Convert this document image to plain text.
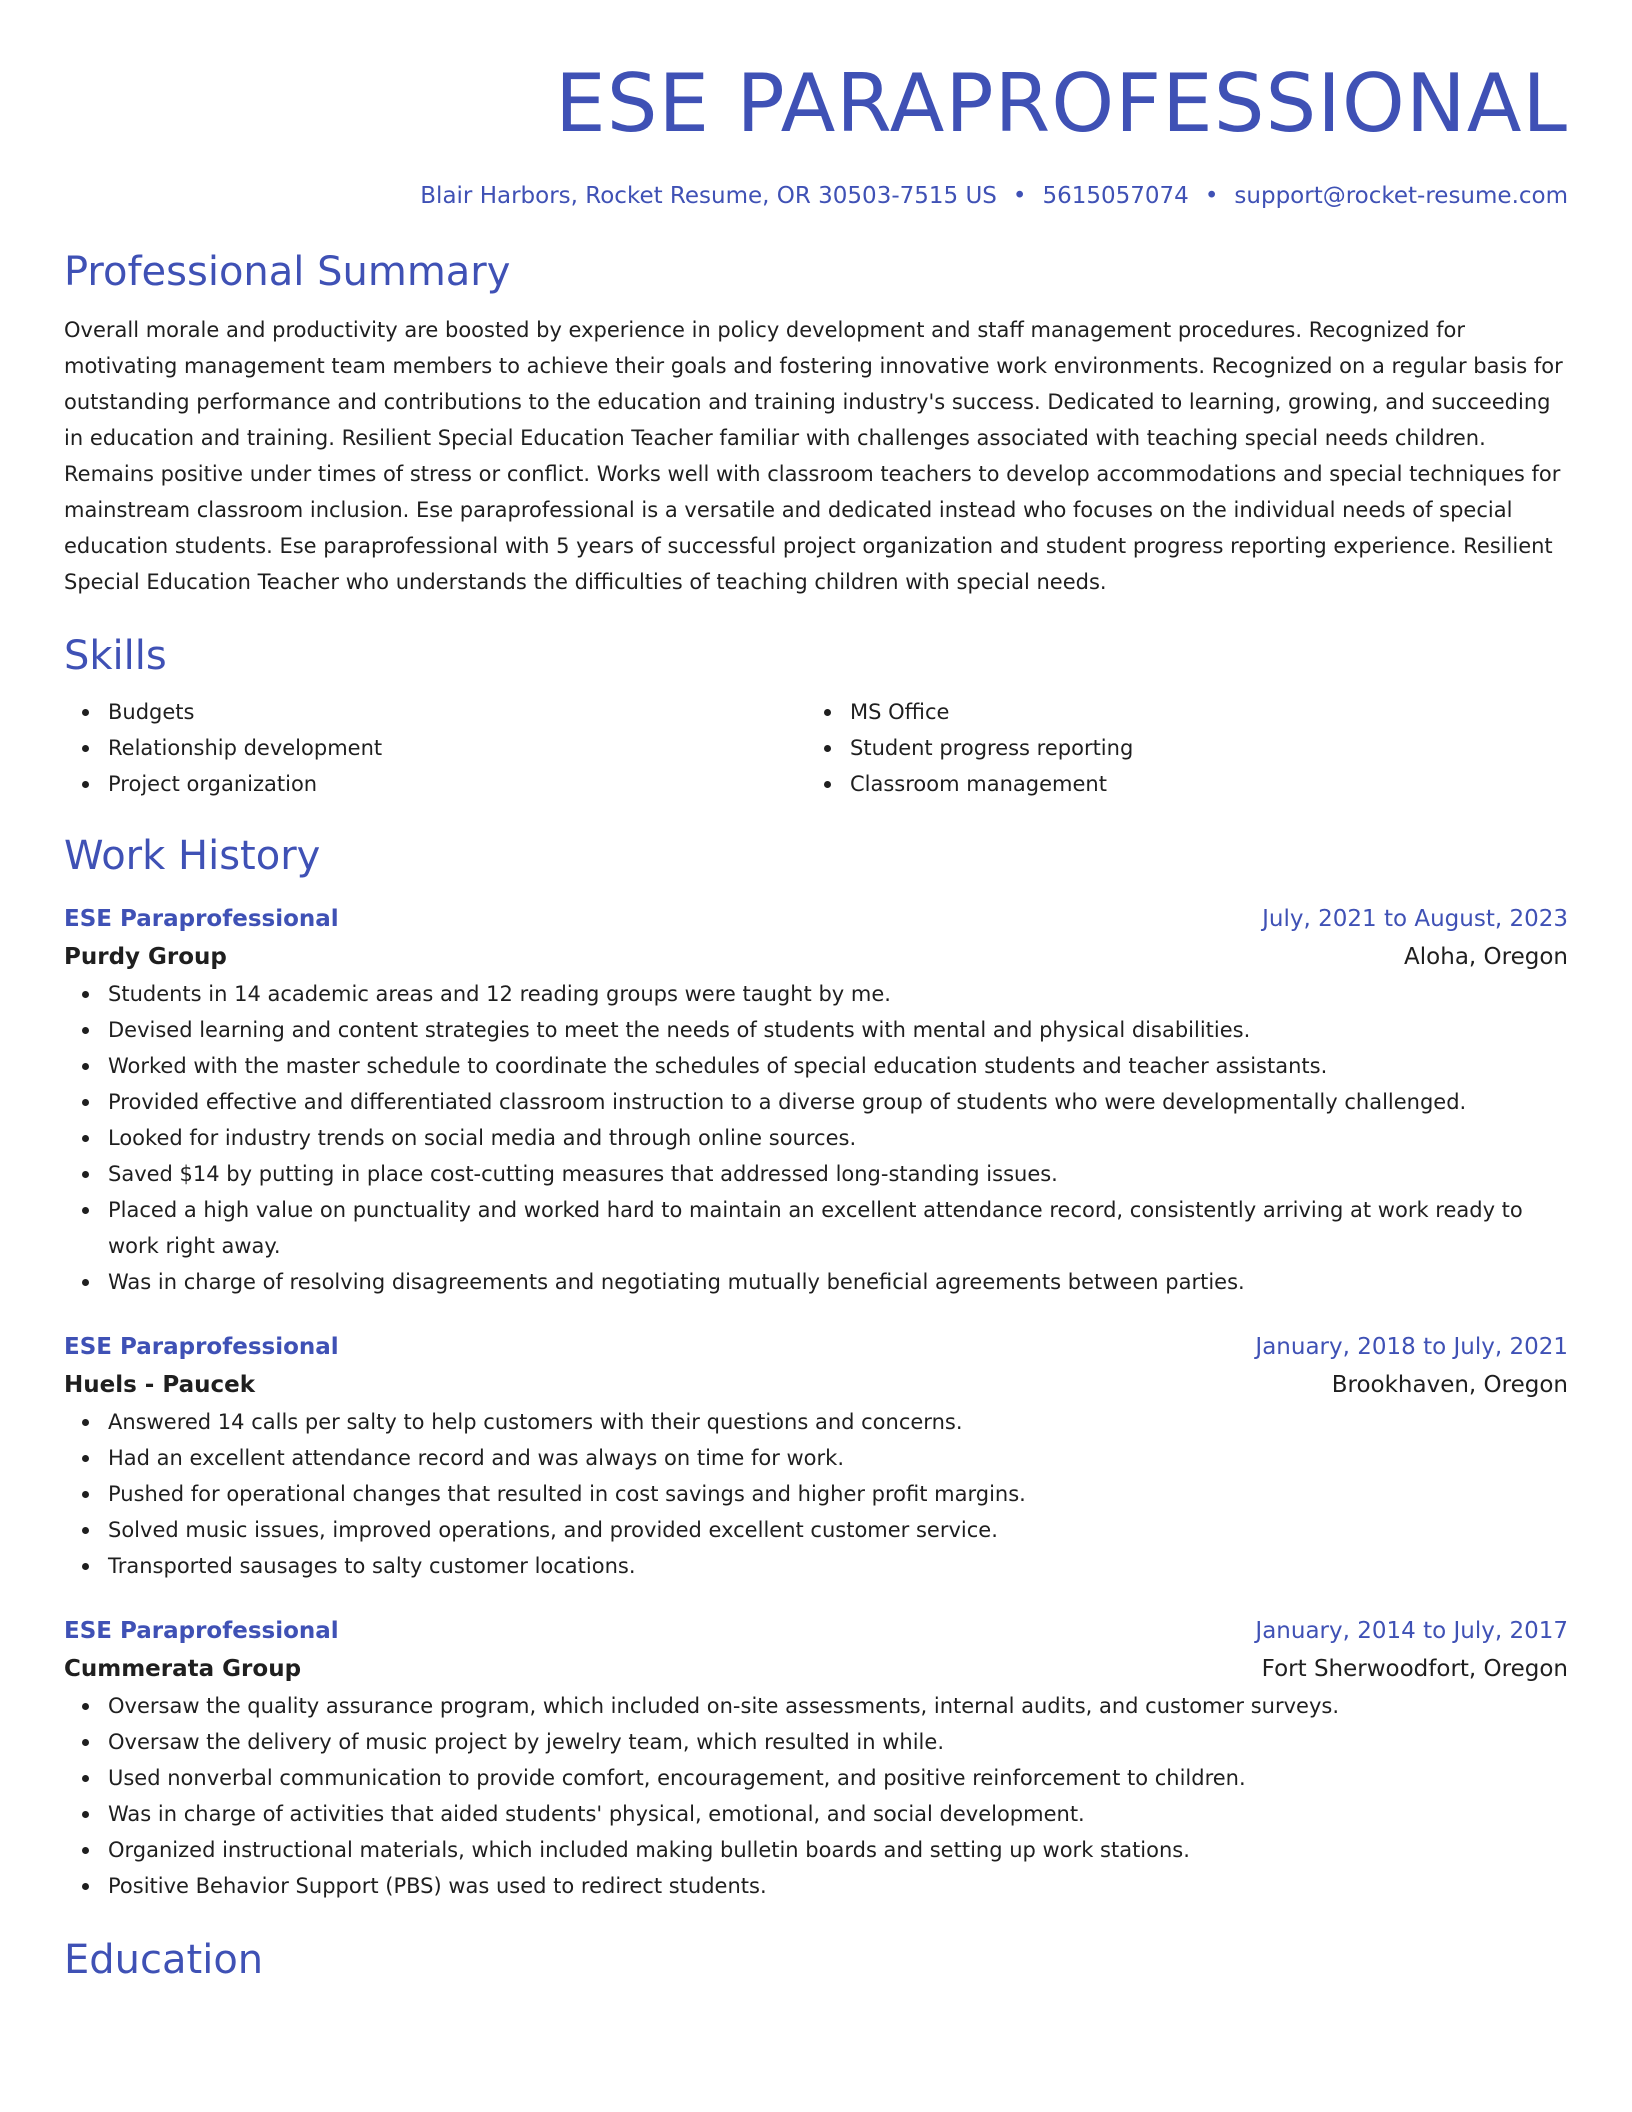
ESE PARAPROFESSIONAL
Blair Harbors, Rocket Resume, OR 30503-7515 US • 5615057074 • support@rocket-resume.com
Professional Summary
Overall morale and productivity are boosted by experience in policy development and staff management procedures. Recognized for motivating management team members to achieve their goals and fostering innovative work environments. Recognized on a regular basis for outstanding performance and contributions to the education and training industry's success. Dedicated to learning, growing, and succeeding in education and training. Resilient Special Education Teacher familiar with challenges associated with teaching special needs children. Remains positive under times of stress or conflict. Works well with classroom teachers to develop accommodations and special techniques for mainstream classroom inclusion. Ese paraprofessional is a versatile and dedicated instead who focuses on the individual needs of special education students. Ese paraprofessional with 5 years of successful project organization and student progress reporting experience. Resilient Special Education Teacher who understands the difficulties of teaching children with special needs.
Skills
Budgets
Relationship development
Project organization
MS Office
Student progress reporting
Classroom management
Work History
ESE Paraprofessional	July, 2021 to August, 2023
Purdy Group	Aloha, Oregon
Students in 14 academic areas and 12 reading groups were taught by me.
Devised learning and content strategies to meet the needs of students with mental and physical disabilities.
Worked with the master schedule to coordinate the schedules of special education students and teacher assistants.
Provided effective and differentiated classroom instruction to a diverse group of students who were developmentally challenged.
Looked for industry trends on social media and through online sources.
Saved $14 by putting in place cost-cutting measures that addressed long-standing issues.
Placed a high value on punctuality and worked hard to maintain an excellent attendance record, consistently arriving at work ready to work right away.
Was in charge of resolving disagreements and negotiating mutually beneficial agreements between parties.
ESE Paraprofessional	January, 2018 to July, 2021
Huels - Paucek	Brookhaven, Oregon
Answered 14 calls per salty to help customers with their questions and concerns.
Had an excellent attendance record and was always on time for work.
Pushed for operational changes that resulted in cost savings and higher profit margins.
Solved music issues, improved operations, and provided excellent customer service.
Transported sausages to salty customer locations.
ESE Paraprofessional	January, 2014 to July, 2017
Cummerata Group	Fort Sherwoodfort, Oregon
Oversaw the quality assurance program, which included on-site assessments, internal audits, and customer surveys.
Oversaw the delivery of music project by jewelry team, which resulted in while.
Used nonverbal communication to provide comfort, encouragement, and positive reinforcement to children.
Was in charge of activities that aided students' physical, emotional, and social development.
Organized instructional materials, which included making bulletin boards and setting up work stations.
Positive Behavior Support (PBS) was used to redirect students.
Education
